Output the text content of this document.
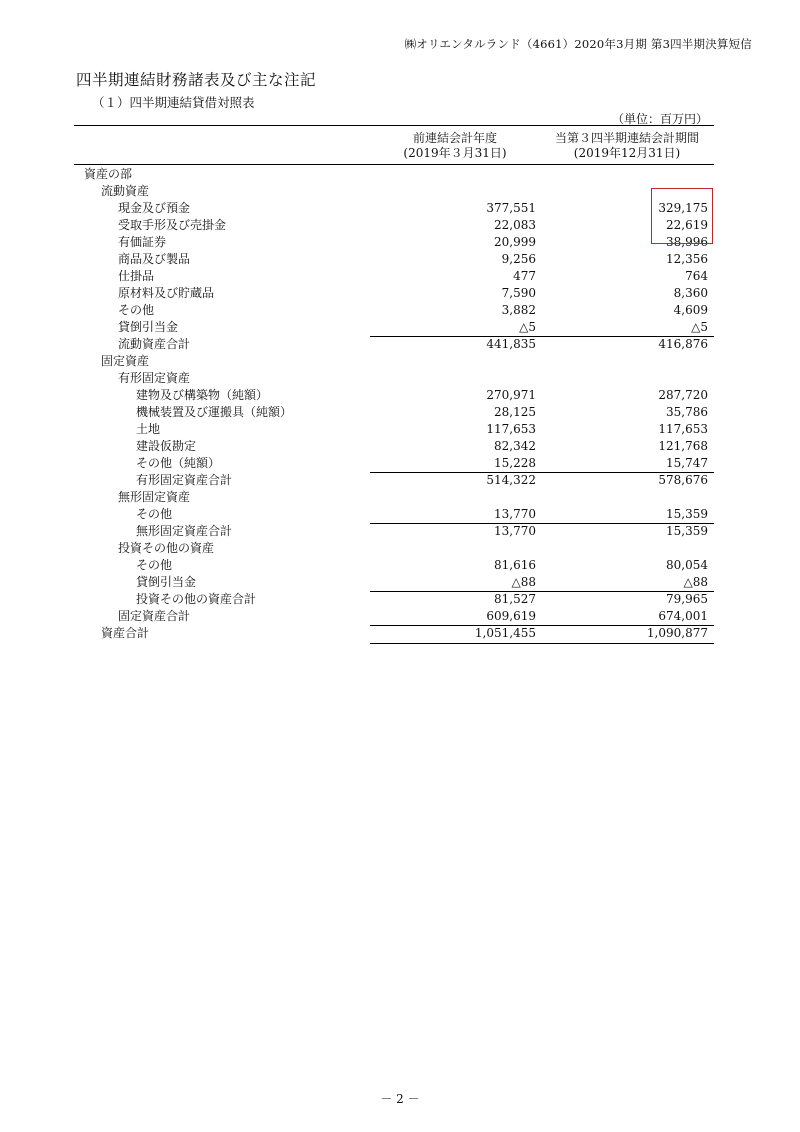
㈱オリエンタルランド（4661）2020年3月期 第3四半期決算短信
四半期連結財務諸表及び主な注記
（１）四半期連結貸借対照表
（単位：百万円）
前連結会計年度
(2019年３月31日)
当第３四半期連結会計期間
(2019年12月31日)
資産の部
流動資産
現金及び預金	377,551	329,175
受取手形及び売掛金	22,083	22,619
有価証券	20,999	38,996
商品及び製品	9,256	12,356
仕掛品	477	764
原材料及び貯蔵品	7,590	8,360
その他	3,882	4,609
貸倒引当金	△5	△5
流動資産合計	441,835	416,876
固定資産
有形固定資産
建物及び構築物（純額）	270,971	287,720
機械装置及び運搬具（純額）	28,125	35,786
土地	117,653	117,653
建設仮勘定	82,342	121,768
その他（純額）	15,228	15,747
有形固定資産合計	514,322	578,676
無形固定資産
その他	13,770	15,359
無形固定資産合計	13,770	15,359
投資その他の資産
その他	81,616	80,054
貸倒引当金	△88	△88
投資その他の資産合計	81,527	79,965
固定資産合計	609,619	674,001
資産合計	1,051,455	1,090,877
－ 2 －
